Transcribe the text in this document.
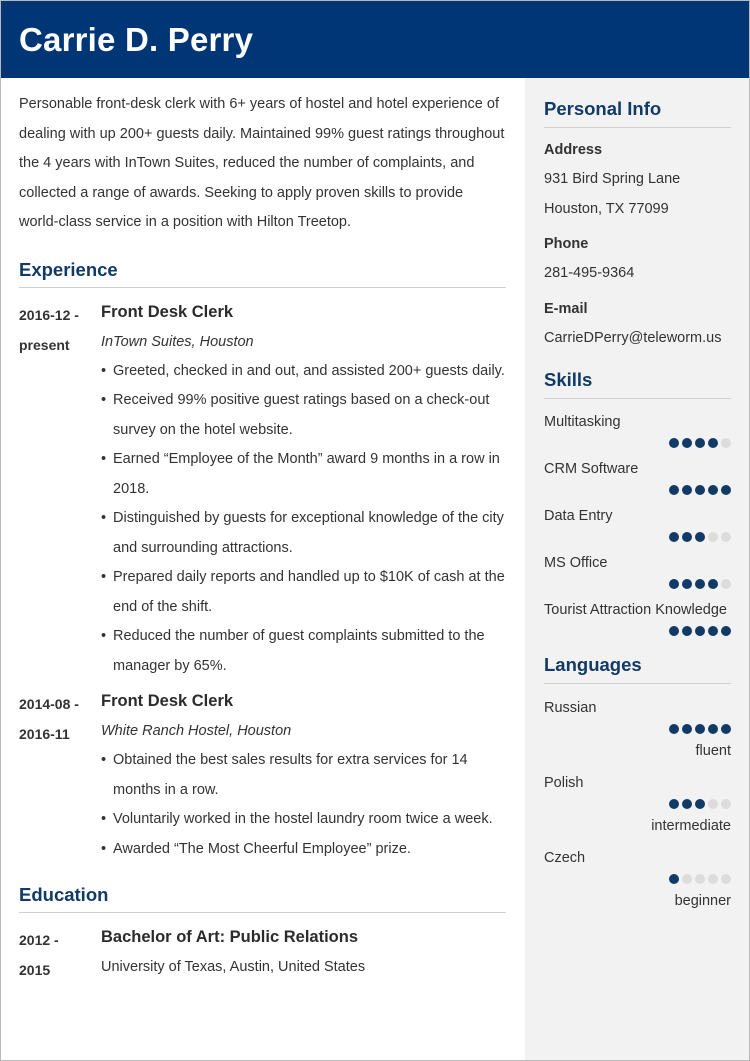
Carrie D. Perry
Personal Info
Address
931 Bird Spring Lane
Houston, TX 77099
Phone
281-495-9364
E-mail
CarrieDPerry@teleworm.us
Skills
Multitasking
CRM Software
Data Entry
MS Office
Tourist Attraction Knowledge
Languages
Russian
fluent
Polish
intermediate
Czech
beginner

Personable front-desk clerk with 6+ years of hostel and hotel experience of dealing with up 200+ guests daily. Maintained 99% guest ratings throughout the 4 years with InTown Suites, reduced the number of complaints, and collected a range of awards. Seeking to apply proven skills to provide world-class service in a position with Hilton Treetop.

Experience
2016-12 -
present
Front Desk Clerk
InTown Suites, Houston
• Greeted, checked in and out, and assisted 200+ guests daily.
• Received 99% positive guest ratings based on a check-out survey on the hotel website.
• Earned “Employee of the Month” award 9 months in a row in 2018.
• Distinguished by guests for exceptional knowledge of the city and surrounding attractions.
• Prepared daily reports and handled up to $10K of cash at the end of the shift.
• Reduced the number of guest complaints submitted to the manager by 65%.
2014-08 -
2016-11
Front Desk Clerk
White Ranch Hostel, Houston
• Obtained the best sales results for extra services for 14 months in a row.
• Voluntarily worked in the hostel laundry room twice a week.
• Awarded “The Most Cheerful Employee” prize.
Education
2012 -
2015
Bachelor of Art: Public Relations
University of Texas, Austin, United States
